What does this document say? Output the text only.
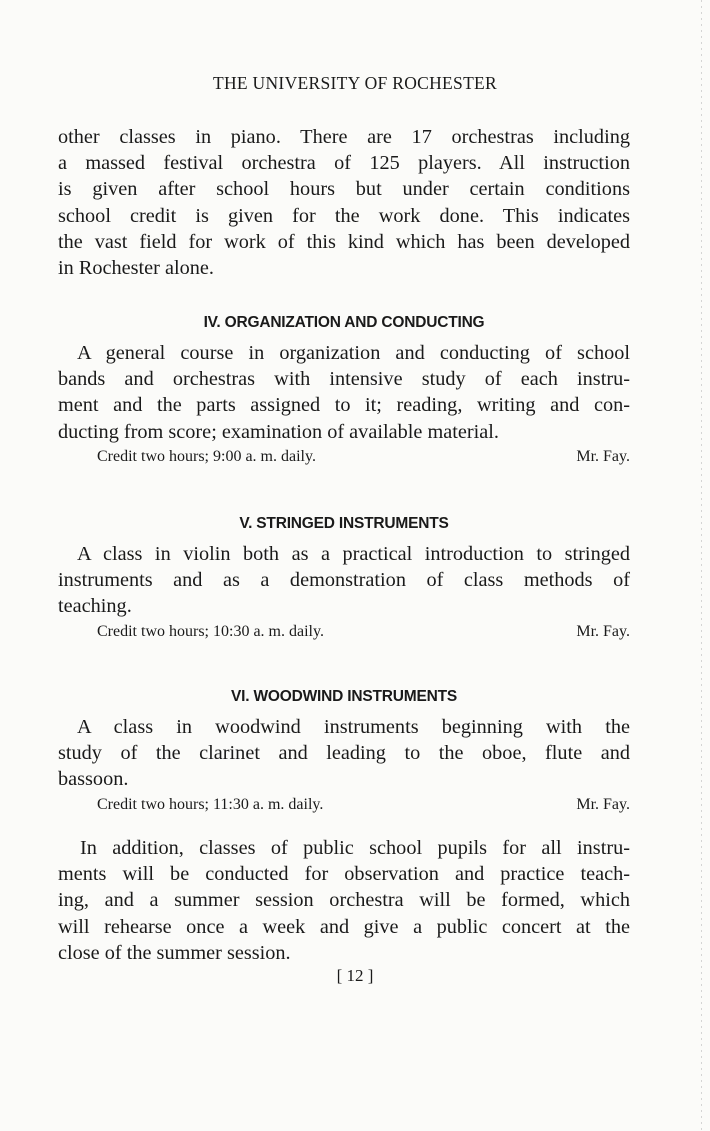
THE UNIVERSITY OF ROCHESTER

other classes in piano. There are 17 orchestras including
a massed festival orchestra of 125 players. All instruction
is given after school hours but under certain conditions
school credit is given for the work done. This indicates
the vast field for work of this kind which has been developed
in Rochester alone.

IV. ORGANIZATION AND CONDUCTING

A general course in organization and conducting of school
bands and orchestras with intensive study of each instru-
ment and the parts assigned to it; reading, writing and con-
ducting from score; examination of available material.

Credit two hours; 9:00 a. m. daily.	Mr. Fay.
V. STRINGED INSTRUMENTS

A class in violin both as a practical introduction to stringed
instruments and as a demonstration of class methods of
teaching.

Credit two hours; 10:30 a. m. daily.	Mr. Fay.
VI. WOODWIND INSTRUMENTS

A class in woodwind instruments beginning with the
study of the clarinet and leading to the oboe, flute and
bassoon.

Credit two hours; 11:30 a. m. daily.	Mr. Fay.

In addition, classes of public school pupils for all instru-
ments will be conducted for observation and practice teach-
ing, and a summer session orchestra will be formed, which
will rehearse once a week and give a public concert at the
close of the summer session.

[ 12 ]
